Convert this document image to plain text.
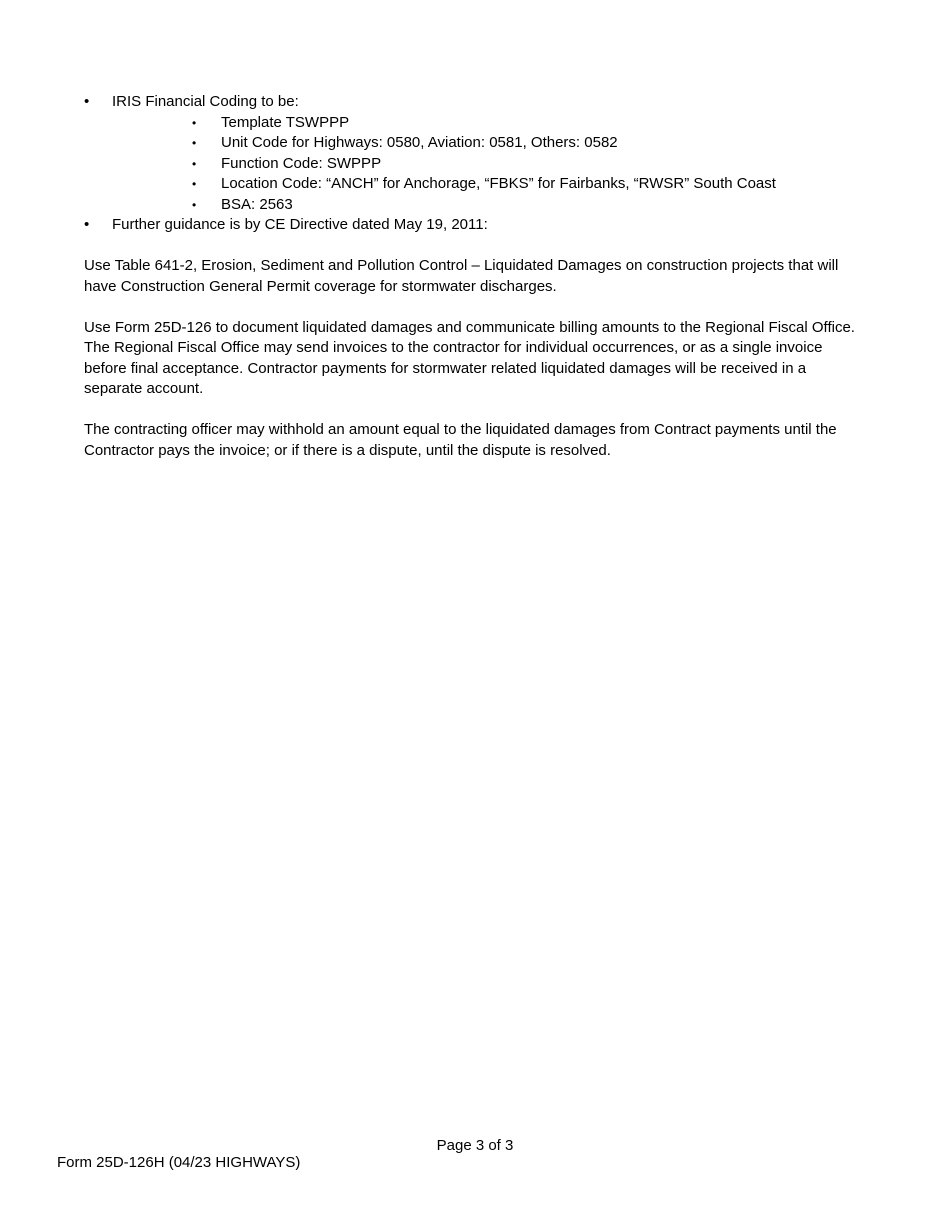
• IRIS Financial Coding to be:
• Template TSWPPP
• Unit Code for Highways: 0580, Aviation: 0581, Others: 0582
• Function Code: SWPPP
• Location Code: “ANCH” for Anchorage, “FBKS” for Fairbanks, “RWSR” South Coast
• BSA: 2563
• Further guidance is by CE Directive dated May 19, 2011:

Use Table 641-2, Erosion, Sediment and Pollution Control – Liquidated Damages on construction projects that will have Construction General Permit coverage for stormwater discharges.

Use Form 25D-126 to document liquidated damages and communicate billing amounts to the Regional Fiscal Office. The Regional Fiscal Office may send invoices to the contractor for individual occurrences, or as a single invoice before final acceptance. Contractor payments for stormwater related liquidated damages will be received in a separate account.

The contracting officer may withhold an amount equal to the liquidated damages from Contract payments until the Contractor pays the invoice; or if there is a dispute, until the dispute is resolved.

Page 3 of 3
Form 25D-126H (04/23 HIGHWAYS)
